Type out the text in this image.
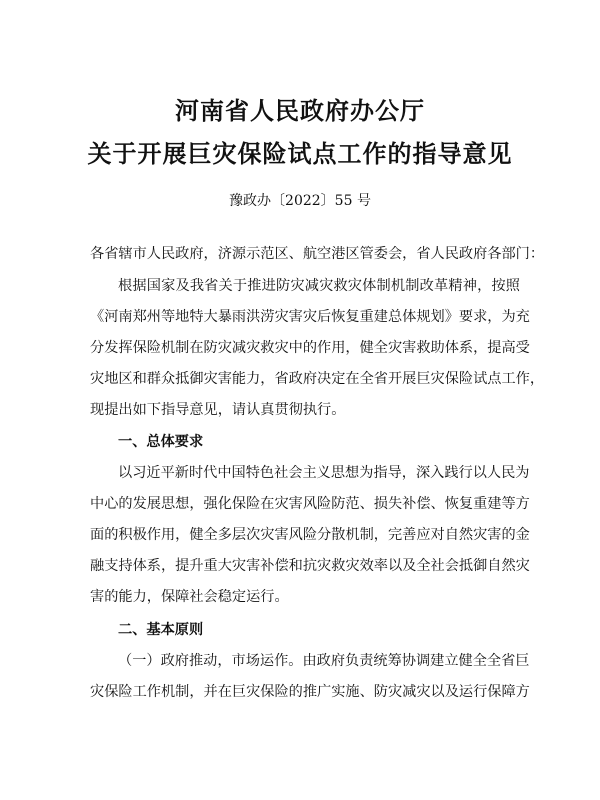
河南省人民政府办公厅
关于开展巨灾保险试点工作的指导意见
豫政办〔2022〕55 号
各省辖市人民政府，济源示范区、航空港区管委会，省人民政府各部门：
根据国家及我省关于推进防灾减灾救灾体制机制改革精神，按照
《河南郑州等地特大暴雨洪涝灾害灾后恢复重建总体规划》要求，为充
分发挥保险机制在防灾减灾救灾中的作用，健全灾害救助体系，提高受
灾地区和群众抵御灾害能力，省政府决定在全省开展巨灾保险试点工作，
现提出如下指导意见，请认真贯彻执行。
一、总体要求
以习近平新时代中国特色社会主义思想为指导，深入践行以人民为
中心的发展思想，强化保险在灾害风险防范、损失补偿、恢复重建等方
面的积极作用，健全多层次灾害风险分散机制，完善应对自然灾害的金
融支持体系，提升重大灾害补偿和抗灾救灾效率以及全社会抵御自然灾
害的能力，保障社会稳定运行。
二、基本原则
（一）政府推动，市场运作。由政府负责统筹协调建立健全全省巨
灾保险工作机制，并在巨灾保险的推广实施、防灾减灾以及运行保障方
